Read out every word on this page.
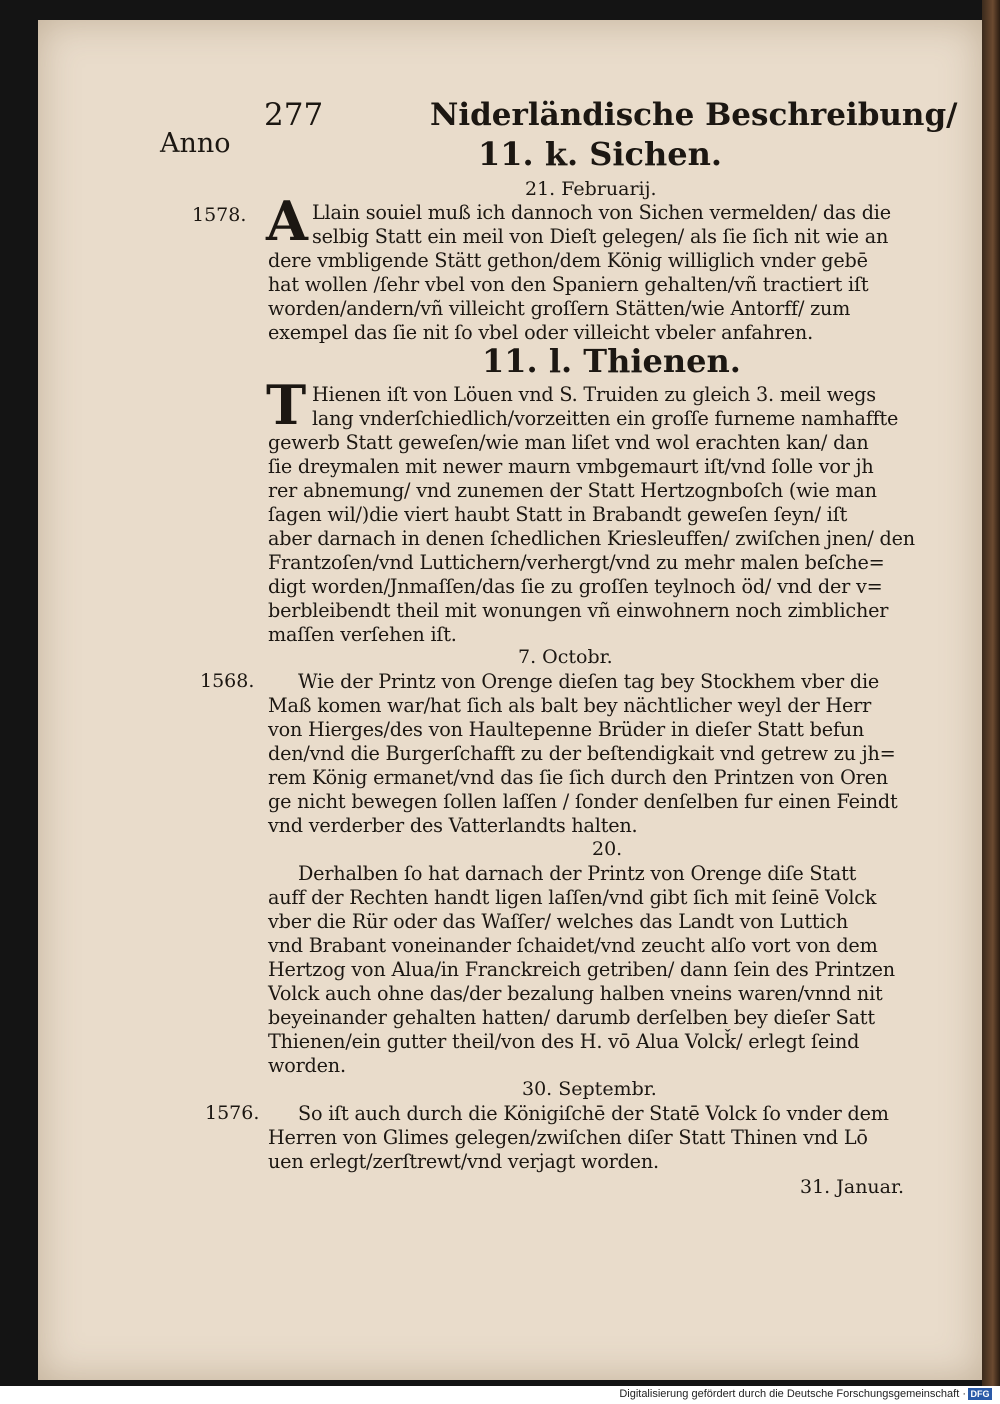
277	Niderländische Beschreibung/
Anno	11. k. Sichen.
21. Februarij.
1578. A Llain souiel muß ich dannoch von Sichen vermelden/ das die
selbig Statt ein meil von Dieſt gelegen/ als ſie ſich nit wie an
dere vmbligende Stätt gethon/dem König williglich vnder gebē
hat wollen /ſehr vbel von den Spaniern gehalten/vñ tractiert iſt
worden/andern/vñ villeicht groſſern Stätten/wie Antorff/ zum
exempel das ſie nit ſo vbel oder villeicht vbeler anfahren.
11. l. Thienen.
T Hienen iſt von Löuen vnd S. Truiden zu gleich 3. meil wegs
lang vnderſchiedlich/vorzeitten ein groſſe furneme namhaffte
gewerb Statt geweſen/wie man liſet vnd wol erachten kan/ dan
ſie dreymalen mit newer maurn vmbgemaurt iſt/vnd ſolle vor jh
rer abnemung/ vnd zunemen der Statt Hertzognboſch (wie man
ſagen wil/)die viert haubt Statt in Brabandt geweſen ſeyn/ iſt
aber darnach in denen ſchedlichen Kriesleuffen/ zwiſchen jnen/ den
Frantzoſen/vnd Luttichern/verhergt/vnd zu mehr malen beſche=
digt worden/Jnmaſſen/das ſie zu groſſen teylnoch öd/ vnd der v=
berbleibendt theil mit wonungen vñ einwohnern noch zimblicher
maſſen verſehen iſt.
7. Octobr.
1568. Wie der Printz von Orenge dieſen tag bey Stockhem vber die
Maß komen war/hat ſich als balt bey nächtlicher weyl der Herr
von Hierges/des von Haultepenne Brüder in dieſer Statt befun
den/vnd die Burgerſchafft zu der beſtendigkait vnd getrew zu jh=
rem König ermanet/vnd das ſie ſich durch den Printzen von Oren
ge nicht bewegen ſollen laſſen / ſonder denſelben fur einen Feindt
vnd verderber des Vatterlandts halten.
20.
Derhalben ſo hat darnach der Printz von Orenge diſe Statt
auff der Rechten handt ligen laſſen/vnd gibt ſich mit ſeinē Volck
vber die Rür oder das Waſſer/ welches das Landt von Luttich
vnd Brabant voneinander ſchaidet/vnd zeucht alſo vort von dem
Hertzog von Alua/in Franckreich getriben/ dann ſein des Printzen
Volck auch ohne das/der bezalung halben vneins waren/vnnd nit
beyeinander gehalten hatten/ darumb derſelben bey dieſer Satt
Thienen/ein gutter theil/von des H. vō Alua Volcǩ/ erlegt ſeind
worden.
30. Septembr.
1576. So iſt auch durch die Königiſchē der Statē Volck ſo vnder dem
Herren von Glimes gelegen/zwiſchen diſer Statt Thinen vnd Lō
uen erlegt/zerſtrewt/vnd verjagt worden.
31. Januar.
Digitalisierung gefördert durch die Deutsche Forschungsgemeinschaft · DFG
